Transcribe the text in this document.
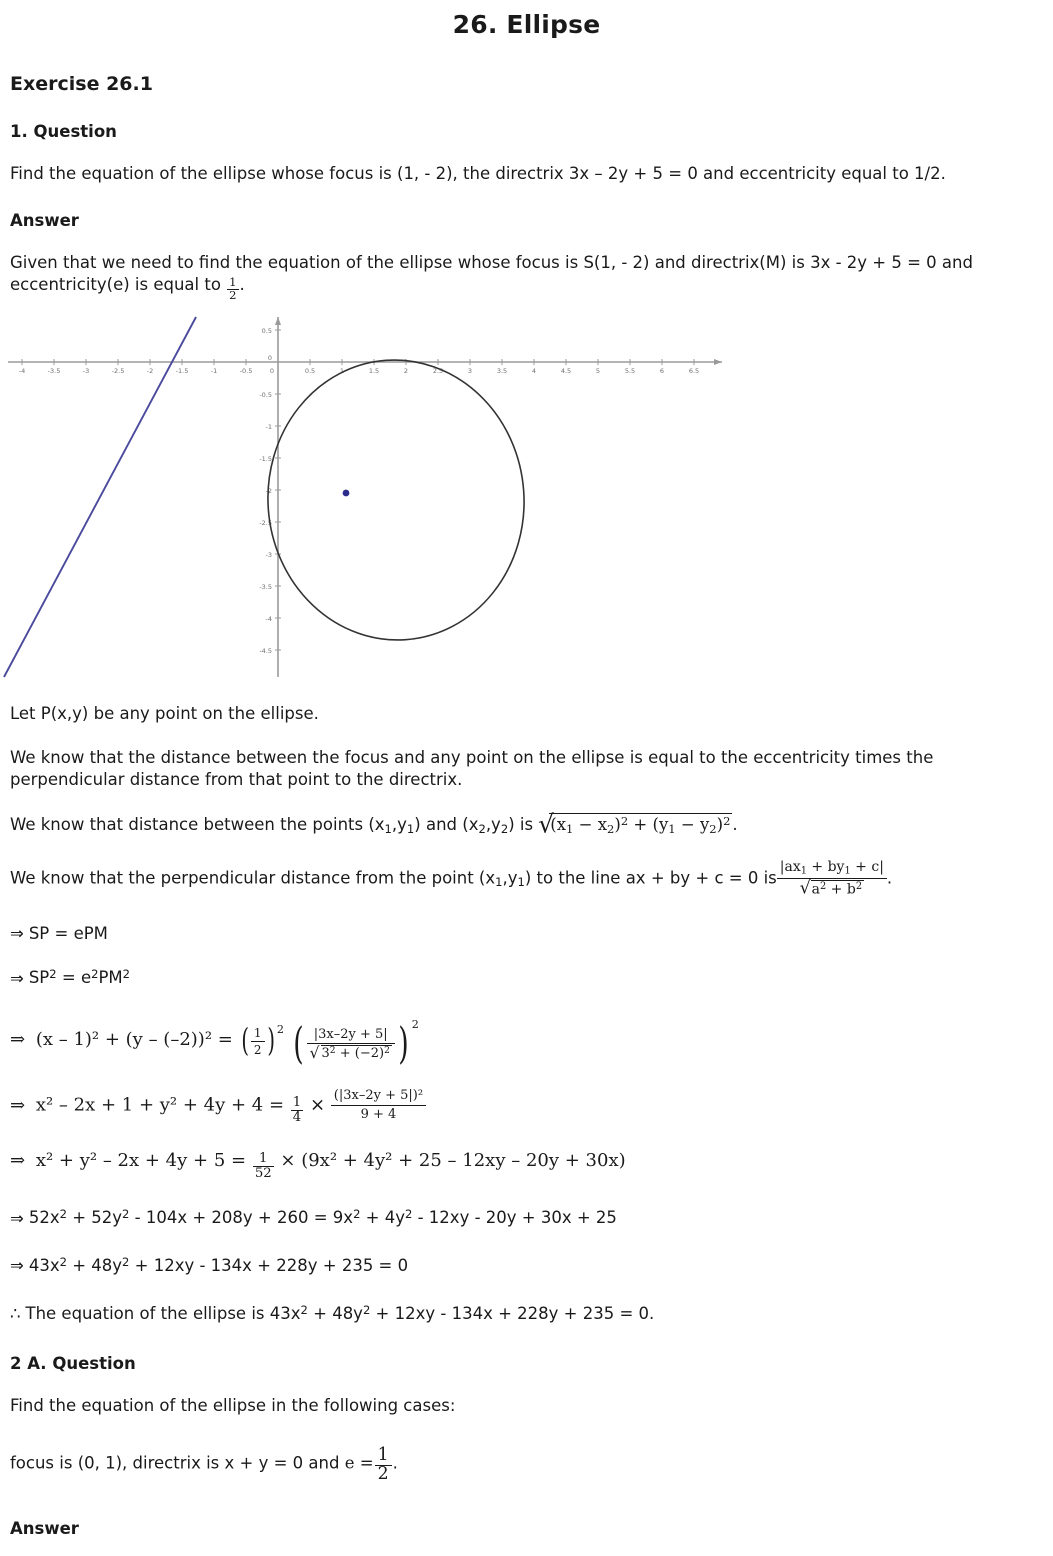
26. Ellipse
Exercise 26.1
1. Question

Find the equation of the ellipse whose focus is (1, - 2), the directrix 3x – 2y + 5 = 0 and eccentricity equal to 1/2.

Answer

Given that we need to find the equation of the ellipse whose focus is S(1, - 2) and directrix(M) is 3x - 2y + 5 = 0 and eccentricity(e) is equal to $\frac{1}{2}$ .

-4	-3.5	-3	-2.5	-2	-1.5	-1	-0.5	0	0.5	1	1.5	2	2.5	3	3.5	4	4.5	5	5.5	6	6.5
0.5
0
-0.5
-1
-1.5
-2
-2.5
-3
-3.5
-4
-4.5

Let P(x,y) be any point on the ellipse.

We know that the distance between the focus and any point on the ellipse is equal to the eccentricity times the perpendicular distance from that point to the directrix.

We know that distance between the points $(x_1,y_1)$ and $(x_2,y_2)$ is √
$(x_1 - x_2)^2 + (y_1 - y_2)^2$ .

We know that the perpendicular distance from the point $(x_1,y_1)$ to the line ax + by + c = 0 is $\frac{|ax_1 + by_1 + c|}{√ a^2 + b^2}$ .

⇒ SP = ePM
⇒ $SP^2 = e^2PM^2$
⇒ (x – 1)² + (y – (–2))² = ( $\frac{1}{2}$ ) $^2$ ( $\frac{|3x-2y + 5|}{√ 3^2 + (-2)^2}$ ) $^2$
⇒ $x^2 - 2x + 1 + y^2 + 4y + 4 = \frac{1}{4} \times \frac{\text{(|3x–2y + 5|)²}}{9 + 4}$
⇒ $x^2 + y^2 - 2x + 4y + 5 = \frac{1}{52} \times (9x^2 + 4y^2 + 25 - 12xy - 20y + 30x)$
⇒ $52x^2 + 52y^2 - 104x + 208y + 260 = 9x^2 + 4y^2 - 12xy - 20y + 30x + 25$
⇒ $43x^2 + 48y^2 + 12xy - 134x + 228y + 235 = 0$
∴ The equation of the ellipse is $43x^2 + 48y^2 + 12xy - 134x + 228y + 235 = 0$.
2 A. Question

Find the equation of the ellipse in the following cases:

focus is (0, 1), directrix is x + y = 0 and $e = \frac{1}{2}$ .

Answer
